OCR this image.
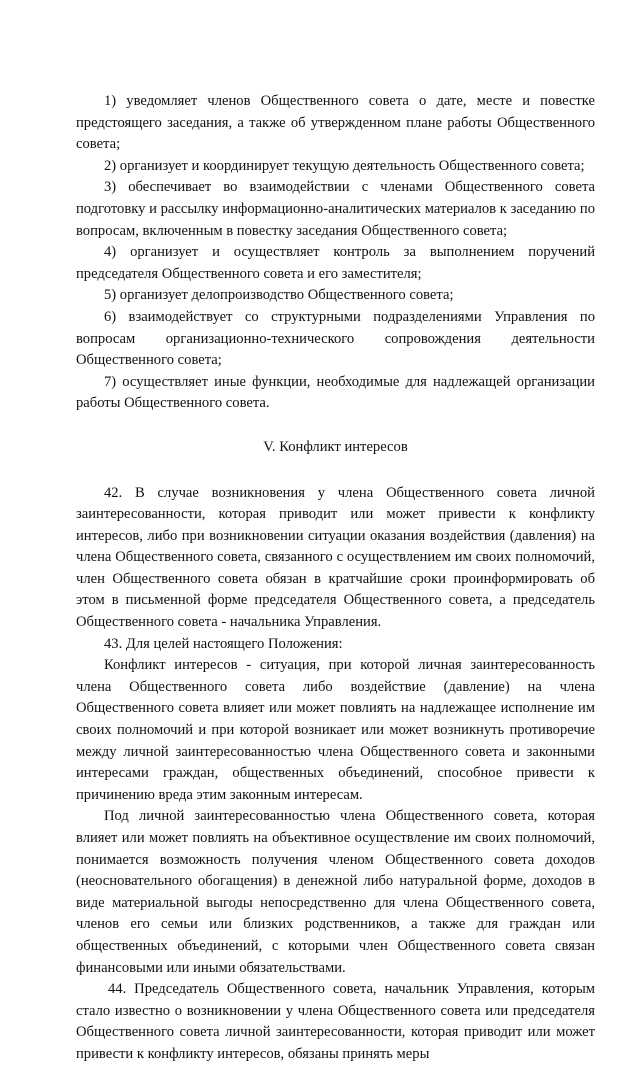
1) уведомляет членов Общественного совета о дате, месте и повестке предстоящего заседания, а также об утвержденном плане работы Общественного совета;

2) организует и координирует текущую деятельность Общественного совета;

3) обеспечивает во взаимодействии с членами Общественного совета подготовку и рассылку информационно-аналитических материалов к заседанию по вопросам, включенным в повестку заседания Общественного совета;

4) организует и осуществляет контроль за выполнением поручений председателя Общественного совета и его заместителя;

5) организует делопроизводство Общественного совета;

6) взаимодействует со структурными подразделениями Управления по вопросам организационно-технического сопровождения деятельности Общественного совета;

7) осуществляет иные функции, необходимые для надлежащей организации работы Общественного совета.

V. Конфликт интересов

42. В случае возникновения у члена Общественного совета личной заинтересованности, которая приводит или может привести к конфликту интересов, либо при возникновении ситуации оказания воздействия (давления) на члена Общественного совета, связанного с осуществлением им своих полномочий, член Общественного совета обязан в кратчайшие сроки проинформировать об этом в письменной форме председателя Общественного совета, а председатель Общественного совета - начальника Управления.

43. Для целей настоящего Положения:

Конфликт интересов - ситуация, при которой личная заинтересованность члена Общественного совета либо воздействие (давление) на члена Общественного совета влияет или может повлиять на надлежащее исполнение им своих полномочий и при которой возникает или может возникнуть противоречие между личной заинтересованностью члена Общественного совета и законными интересами граждан, общественных объединений, способное привести к причинению вреда этим законным интересам.

Под личной заинтересованностью члена Общественного совета, которая влияет или может повлиять на объективное осуществление им своих полномочий, понимается возможность получения членом Общественного совета доходов (неосновательного обогащения) в денежной либо натуральной форме, доходов в виде материальной выгоды непосредственно для члена Общественного совета, членов его семьи или близких родственников, а также для граждан или общественных объединений, с которыми член Общественного совета связан финансовыми или иными обязательствами.

44. Председатель Общественного совета, начальник Управления, которым стало известно о возникновении у члена Общественного совета или председателя Общественного совета личной заинтересованности, которая приводит или может привести к конфликту интересов, обязаны принять меры
